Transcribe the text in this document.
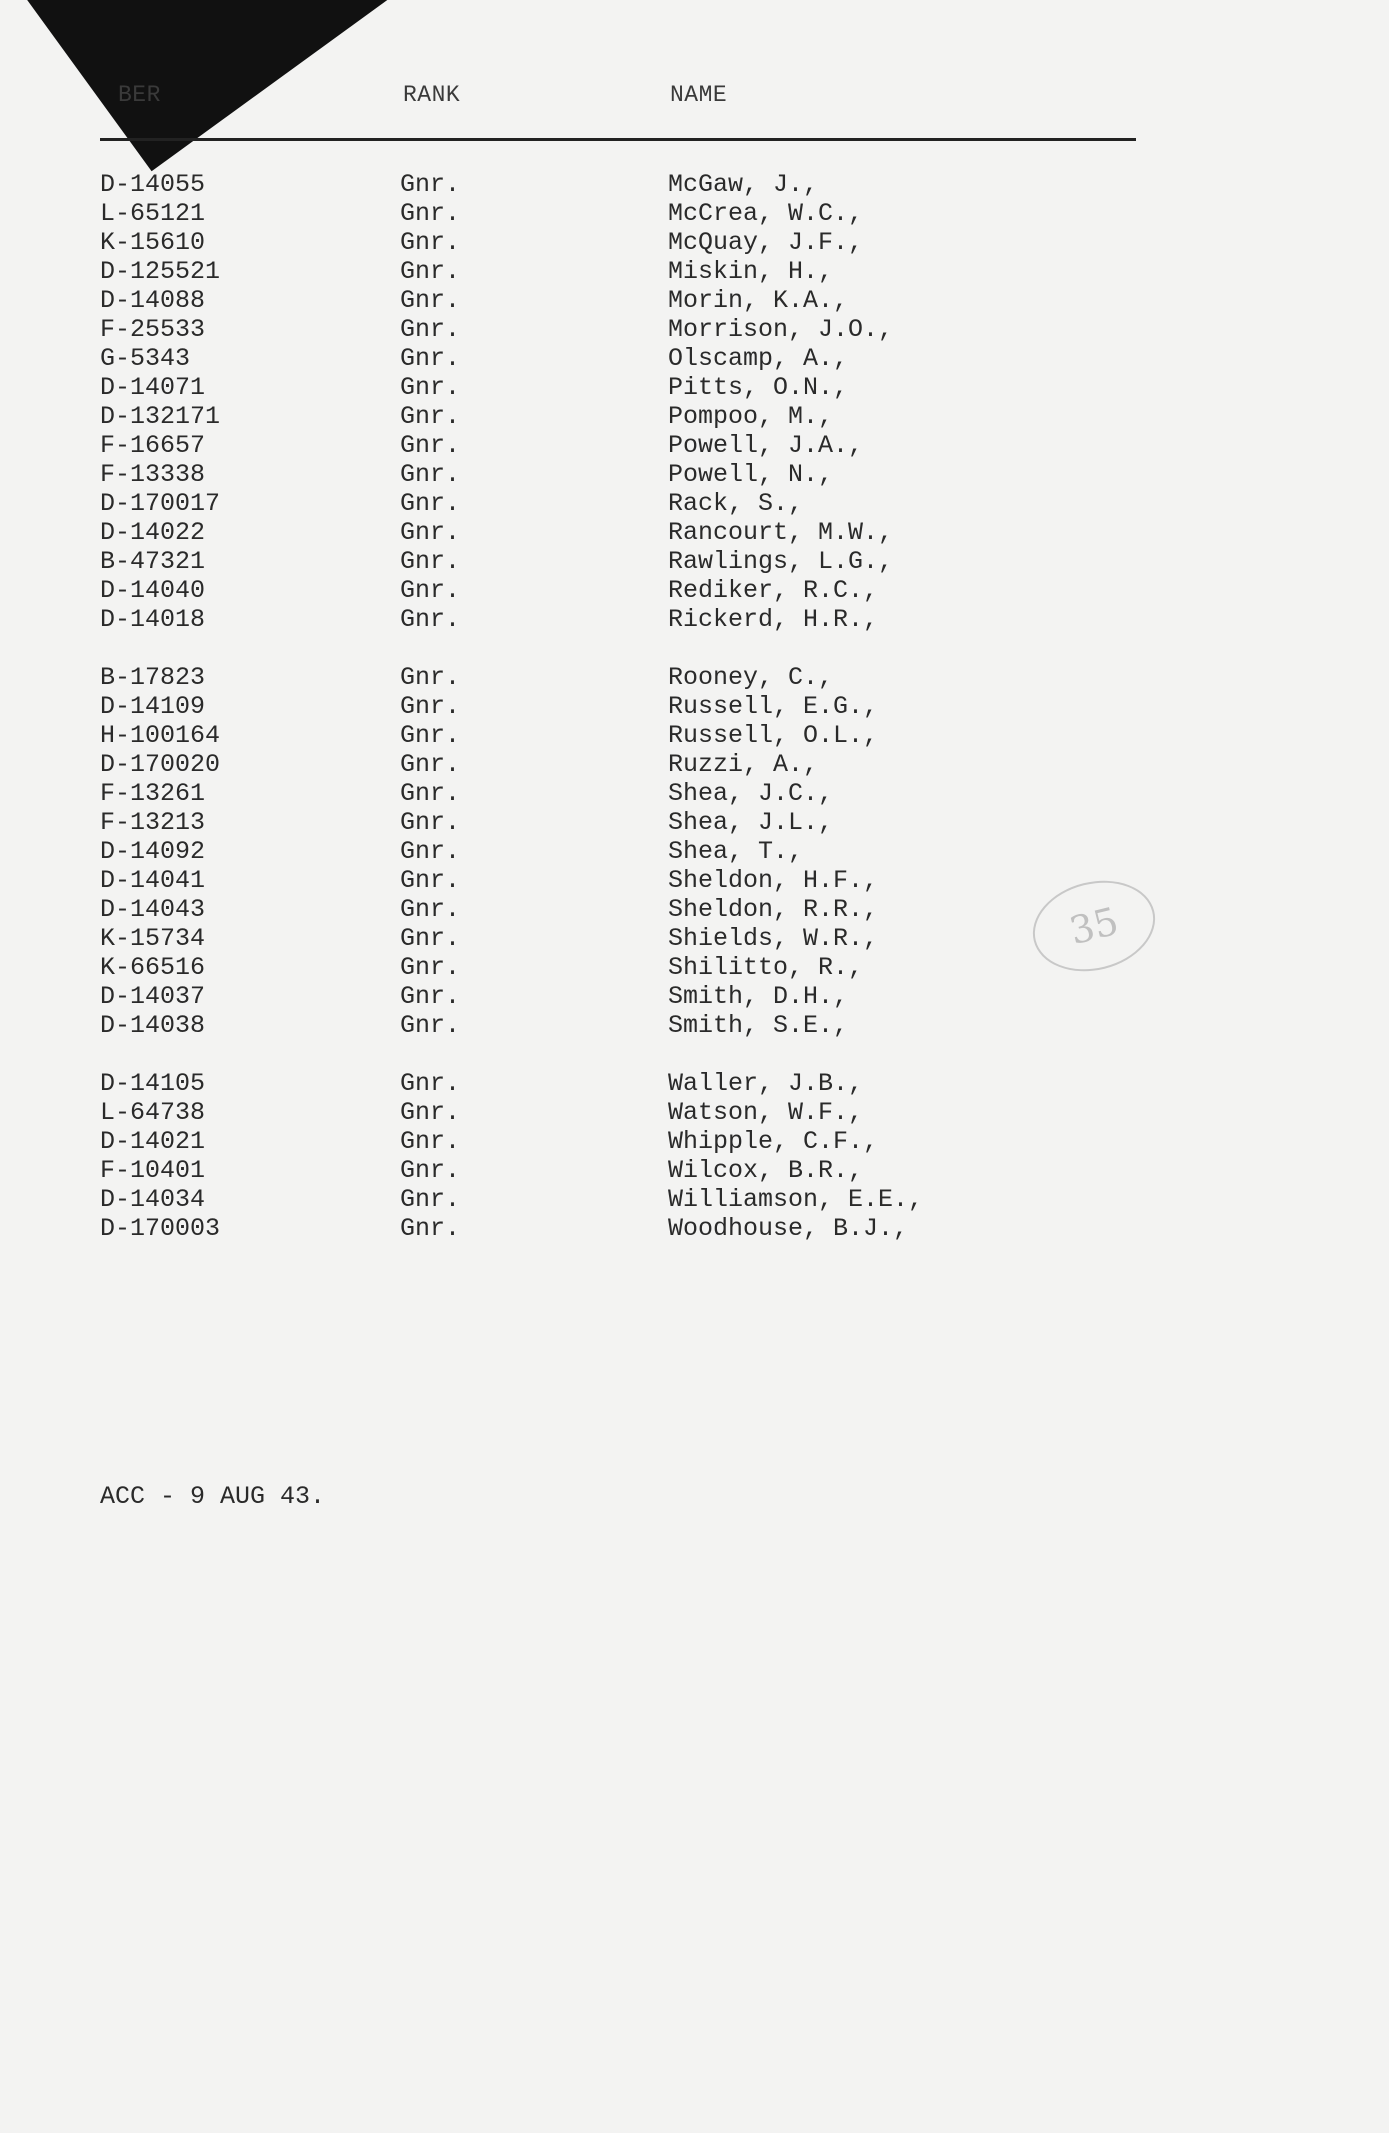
BER	RANK	NAME
D-14055	Gnr.	McGaw, J.,
L-65121	Gnr.	McCrea, W.C.,
K-15610	Gnr.	McQuay, J.F.,
D-125521	Gnr.	Miskin, H.,
D-14088	Gnr.	Morin, K.A.,
F-25533	Gnr.	Morrison, J.O.,
G-5343	Gnr.	Olscamp, A.,
D-14071	Gnr.	Pitts, O.N.,
D-132171	Gnr.	Pompoo, M.,
F-16657	Gnr.	Powell, J.A.,
F-13338	Gnr.	Powell, N.,
D-170017	Gnr.	Rack, S.,
D-14022	Gnr.	Rancourt, M.W.,
B-47321	Gnr.	Rawlings, L.G.,
D-14040	Gnr.	Rediker, R.C.,
D-14018	Gnr.	Rickerd, H.R.,
B-17823	Gnr.	Rooney, C.,
D-14109	Gnr.	Russell, E.G.,
H-100164	Gnr.	Russell, O.L.,
D-170020	Gnr.	Ruzzi, A.,
F-13261	Gnr.	Shea, J.C.,
F-13213	Gnr.	Shea, J.L.,
D-14092	Gnr.	Shea, T.,
D-14041	Gnr.	Sheldon, H.F.,
D-14043	Gnr.	Sheldon, R.R.,
K-15734	Gnr.	Shields, W.R.,
K-66516	Gnr.	Shilitto, R.,
D-14037	Gnr.	Smith, D.H.,
D-14038	Gnr.	Smith, S.E.,
D-14105	Gnr.	Waller, J.B.,
L-64738	Gnr.	Watson, W.F.,
D-14021	Gnr.	Whipple, C.F.,
F-10401	Gnr.	Wilcox, B.R.,
D-14034	Gnr.	Williamson, E.E.,
D-170003	Gnr.	Woodhouse, B.J.,
ACC - 9 AUG 43.
35
